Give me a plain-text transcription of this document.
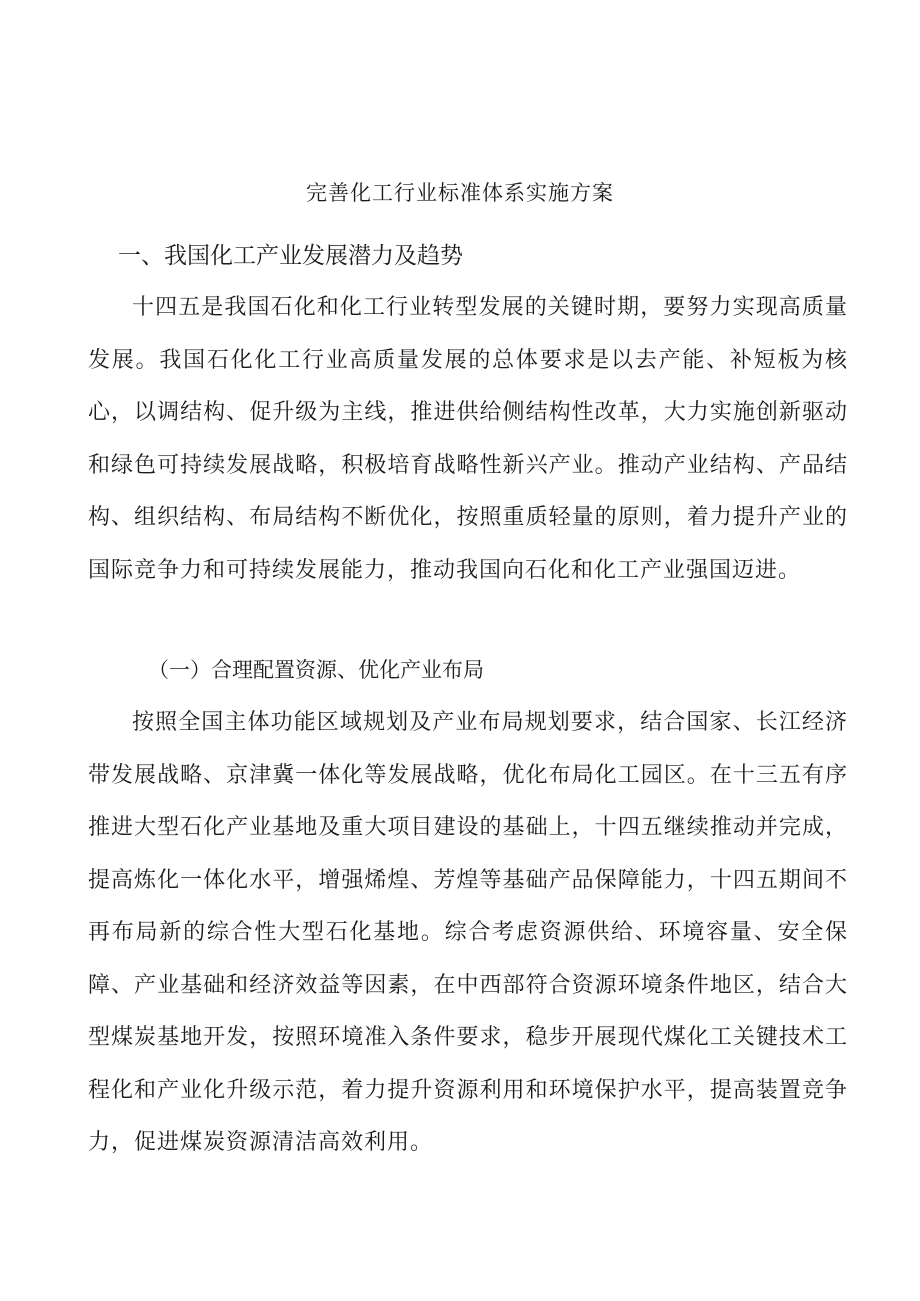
完善化工行业标准体系实施方案
一、我国化工产业发展潜力及趋势

十四五是我国石化和化工行业转型发展的关键时期，要努力实现高质量发展。我国石化化工行业高质量发展的总体要求是以去产能、补短板为核心，以调结构、促升级为主线，推进供给侧结构性改革，大力实施创新驱动和绿色可持续发展战略，积极培育战略性新兴产业。推动产业结构、产品结构、组织结构、布局结构不断优化，按照重质轻量的原则，着力提升产业的国际竞争力和可持续发展能力，推动我国向石化和化工产业强国迈进。

（一）合理配置资源、优化产业布局

按照全国主体功能区域规划及产业布局规划要求，结合国家、长江经济带发展战略、京津冀一体化等发展战略，优化布局化工园区。在十三五有序推进大型石化产业基地及重大项目建设的基础上，十四五继续推动并完成，提高炼化一体化水平，增强烯煌、芳煌等基础产品保障能力，十四五期间不再布局新的综合性大型石化基地。综合考虑资源供给、环境容量、安全保障、产业基础和经济效益等因素，在中西部符合资源环境条件地区，结合大型煤炭基地开发，按照环境准入条件要求，稳步开展现代煤化工关键技术工程化和产业化升级示范，着力提升资源利用和环境保护水平，提高装置竞争力，促进煤炭资源清洁高效利用。
